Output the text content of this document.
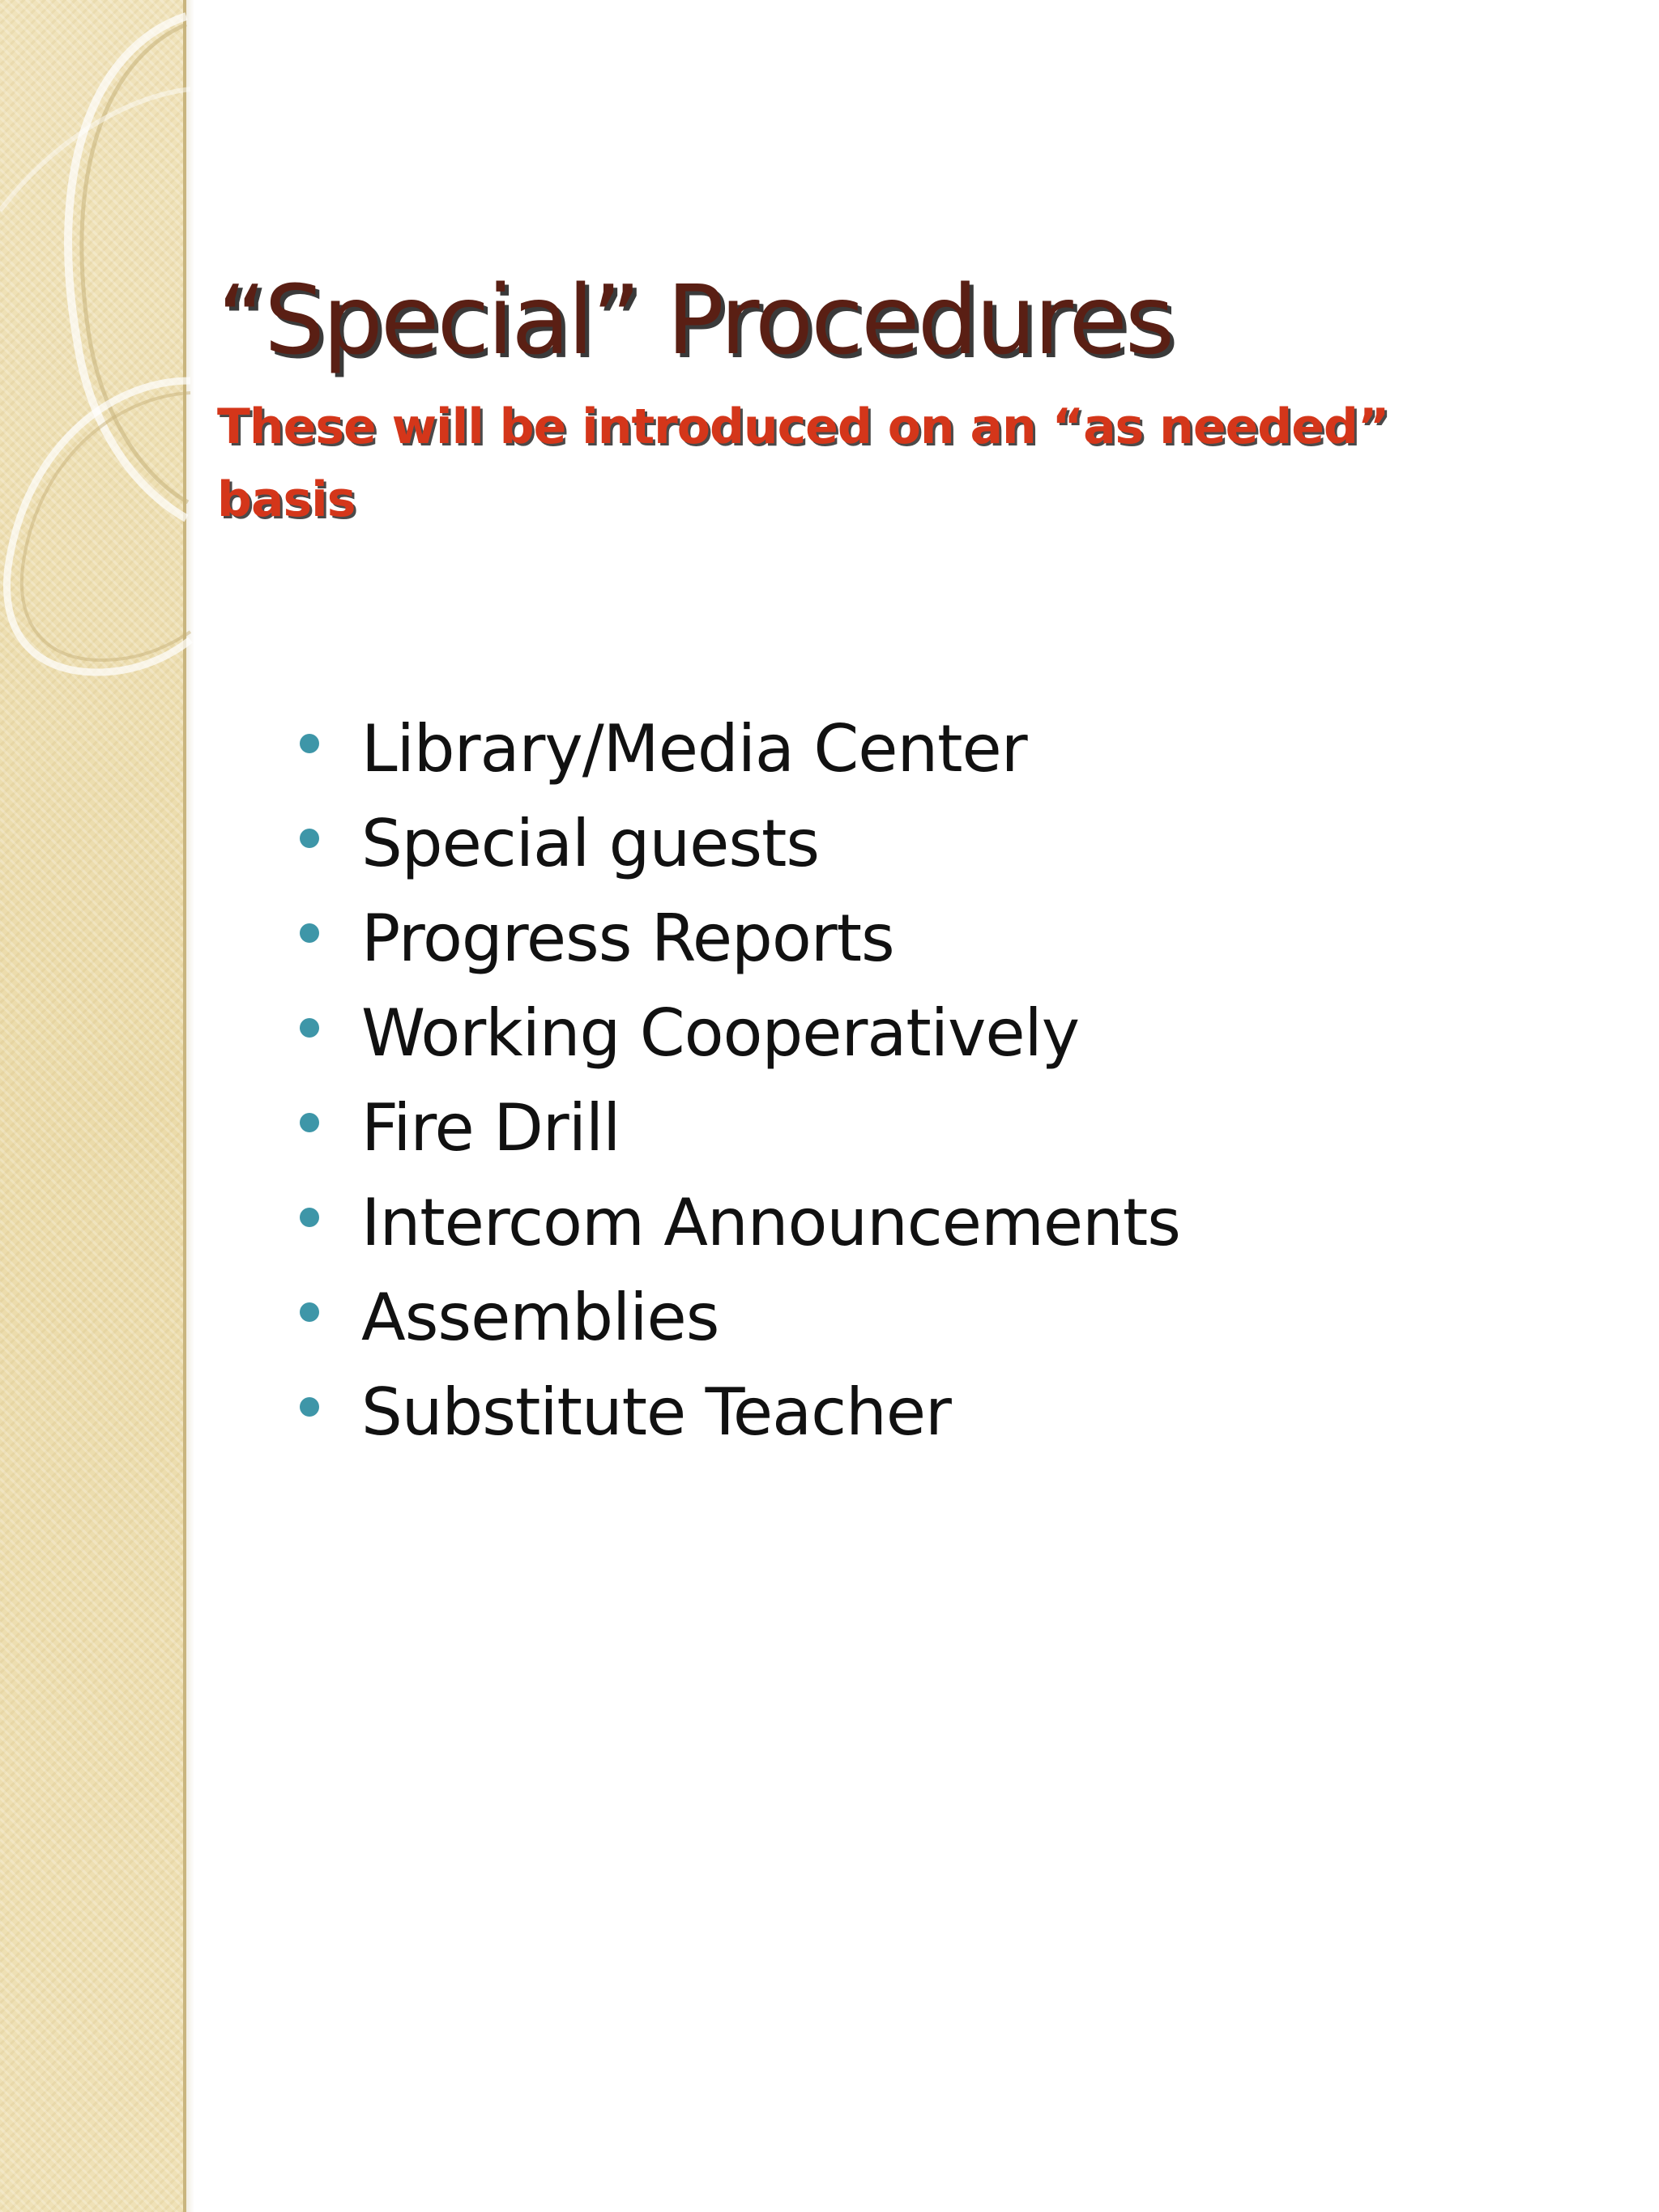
“Special” Procedures
These will be introduced on an “as needed” basis
Library/Media Center
Special guests
Progress Reports
Working Cooperatively
Fire Drill
Intercom Announcements
Assemblies
Substitute Teacher
